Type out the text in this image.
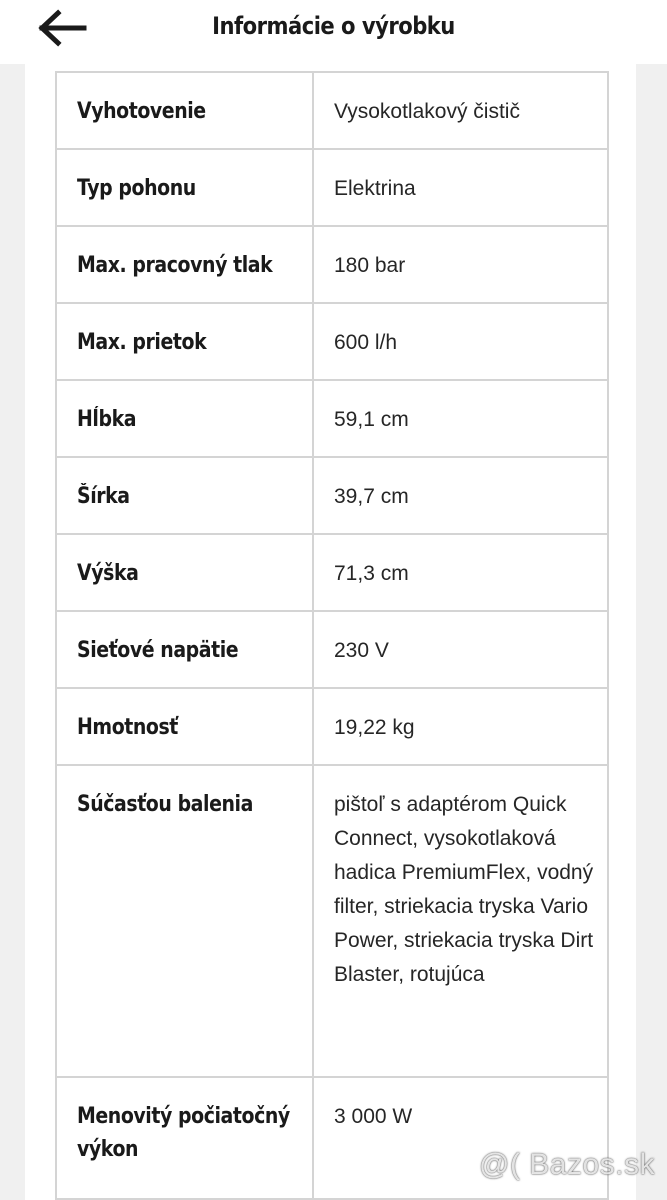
Informácie o výrobku
Vyhotovenie	Vysokotlakový čistič

Typ pohonu	Elektrina

Max. pracovný tlak	180 bar

Max. prietok	600 l/h

Hĺbka	59,1 cm

Šírka	39,7 cm

Výška	71,3 cm

Sieťové napätie	230 V

Hmotnosť	19,22 kg

Súčasťou balenia	pištoľ s adaptérom Quick Connect, vysokotlaková hadica PremiumFlex, vodný filter, striekacia tryska Vario Power, striekacia tryska Dirt Blaster, rotujúca

Menovitý počiatočný výkon	3 000 W

@( Bazos.sk
